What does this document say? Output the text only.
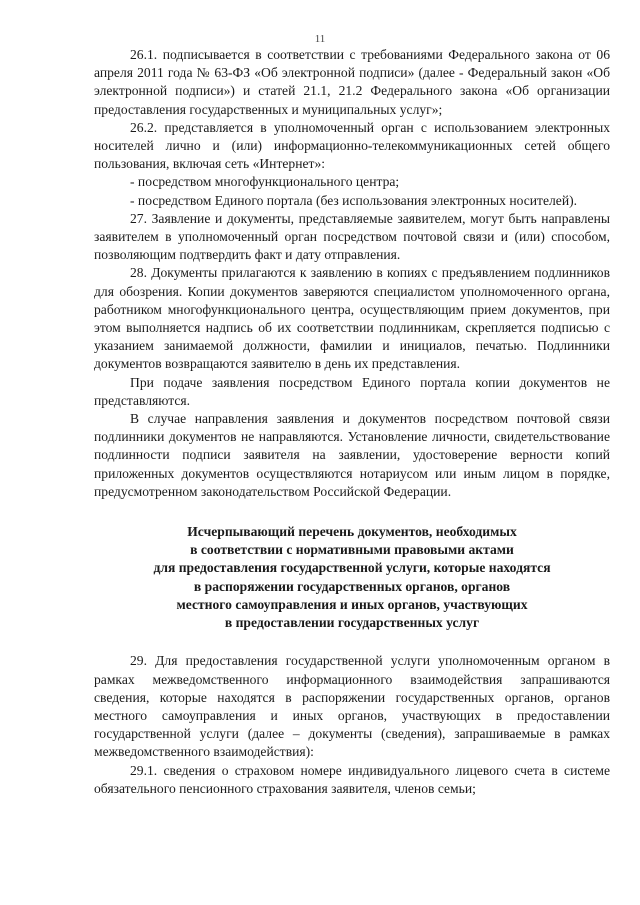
11

26.1. подписывается в соответствии с требованиями Федерального закона от 06 апреля 2011 года № 63-ФЗ «Об электронной подписи» (далее - Федеральный закон «Об электронной подписи») и статей 21.1, 21.2 Федерального закона «Об организации предоставления государственных и муниципальных услуг»;

26.2. представляется в уполномоченный орган с использованием электронных носителей лично и (или) информационно-телекоммуникационных сетей общего пользования, включая сеть «Интернет»:

- посредством многофункционального центра;

- посредством Единого портала (без использования электронных носителей).

27. Заявление и документы, представляемые заявителем, могут быть направлены заявителем в уполномоченный орган посредством почтовой связи и (или) способом, позволяющим подтвердить факт и дату отправления.

28. Документы прилагаются к заявлению в копиях с предъявлением подлинников для обозрения. Копии документов заверяются специалистом уполномоченного органа, работником многофункционального центра, осуществляющим прием документов, при этом выполняется надпись об их соответствии подлинникам, скрепляется подписью с указанием занимаемой должности, фамилии и инициалов, печатью. Подлинники документов возвращаются заявителю в день их представления.

При подаче заявления посредством Единого портала копии документов не представляются.

В случае направления заявления и документов посредством почтовой связи подлинники документов не направляются. Установление личности, свидетельствование подлинности подписи заявителя на заявлении, удостоверение верности копий приложенных документов осуществляются нотариусом или иным лицом в порядке, предусмотренном законодательством Российской Федерации.

Исчерпывающий перечень документов, необходимых
в соответствии с нормативными правовыми актами
для предоставления государственной услуги, которые находятся
в распоряжении государственных органов, органов
местного самоуправления и иных органов, участвующих
в предоставлении государственных услуг

29. Для предоставления государственной услуги уполномоченным органом в рамках межведомственного информационного взаимодействия запрашиваются сведения, которые находятся в распоряжении государственных органов, органов местного самоуправления и иных органов, участвующих в предоставлении государственной услуги (далее – документы (сведения), запрашиваемые в рамках межведомственного взаимодействия):

29.1. сведения о страховом номере индивидуального лицевого счета в системе обязательного пенсионного страхования заявителя, членов семьи;
